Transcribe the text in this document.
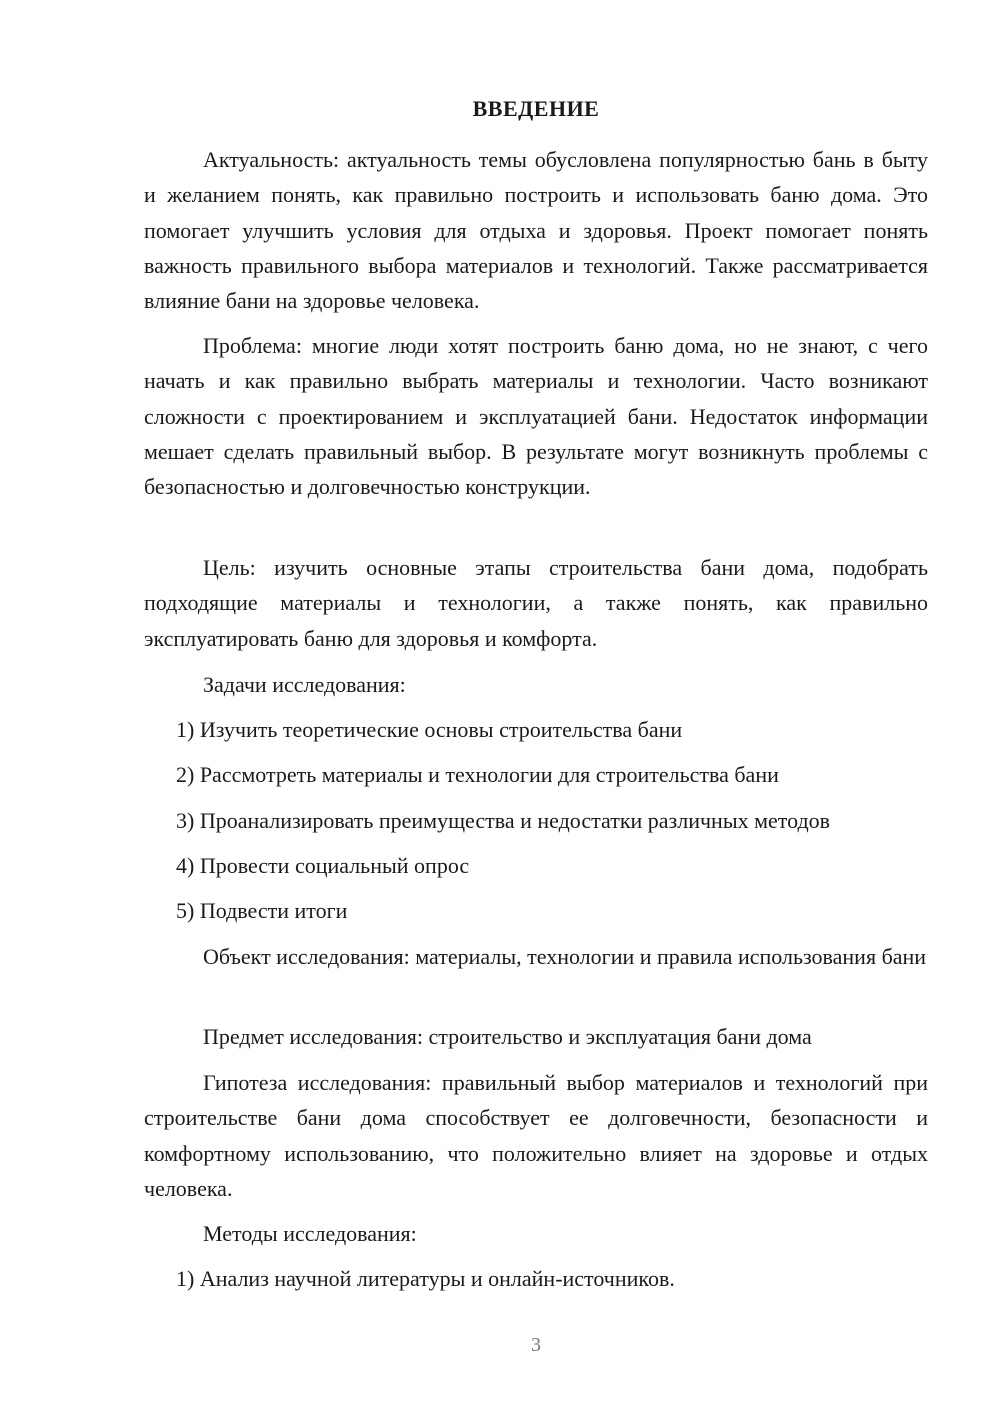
ВВЕДЕНИЕ

Актуальность: актуальность темы обусловлена популярностью бань в быту и желанием понять, как правильно построить и использовать баню дома. Это помогает улучшить условия для отдыха и здоровья. Проект помогает понять важность правильного выбора материалов и технологий. Также рассматривается влияние бани на здоровье человека.

Проблема: многие люди хотят построить баню дома, но не знают, с чего начать и как правильно выбрать материалы и технологии. Часто возникают сложности с проектированием и эксплуатацией бани. Недостаток информации мешает сделать правильный выбор. В результате могут возникнуть проблемы с безопасностью и долговечностью конструкции.

Цель: изучить основные этапы строительства бани дома, подобрать подходящие материалы и технологии, а также понять, как правильно эксплуатировать баню для здоровья и комфорта.

Задачи исследования:
1) Изучить теоретические основы строительства бани
2) Рассмотреть материалы и технологии для строительства бани
3) Проанализировать преимущества и недостатки различных методов
4) Провести социальный опрос
5) Подвести итоги

Объект исследования: материалы, технологии и правила использования бани

Предмет исследования: строительство и эксплуатация бани дома

Гипотеза исследования: правильный выбор материалов и технологий при строительстве бани дома способствует ее долговечности, безопасности и комфортному использованию, что положительно влияет на здоровье и отдых человека.

Методы исследования:
1) Анализ научной литературы и онлайн-источников.
3
